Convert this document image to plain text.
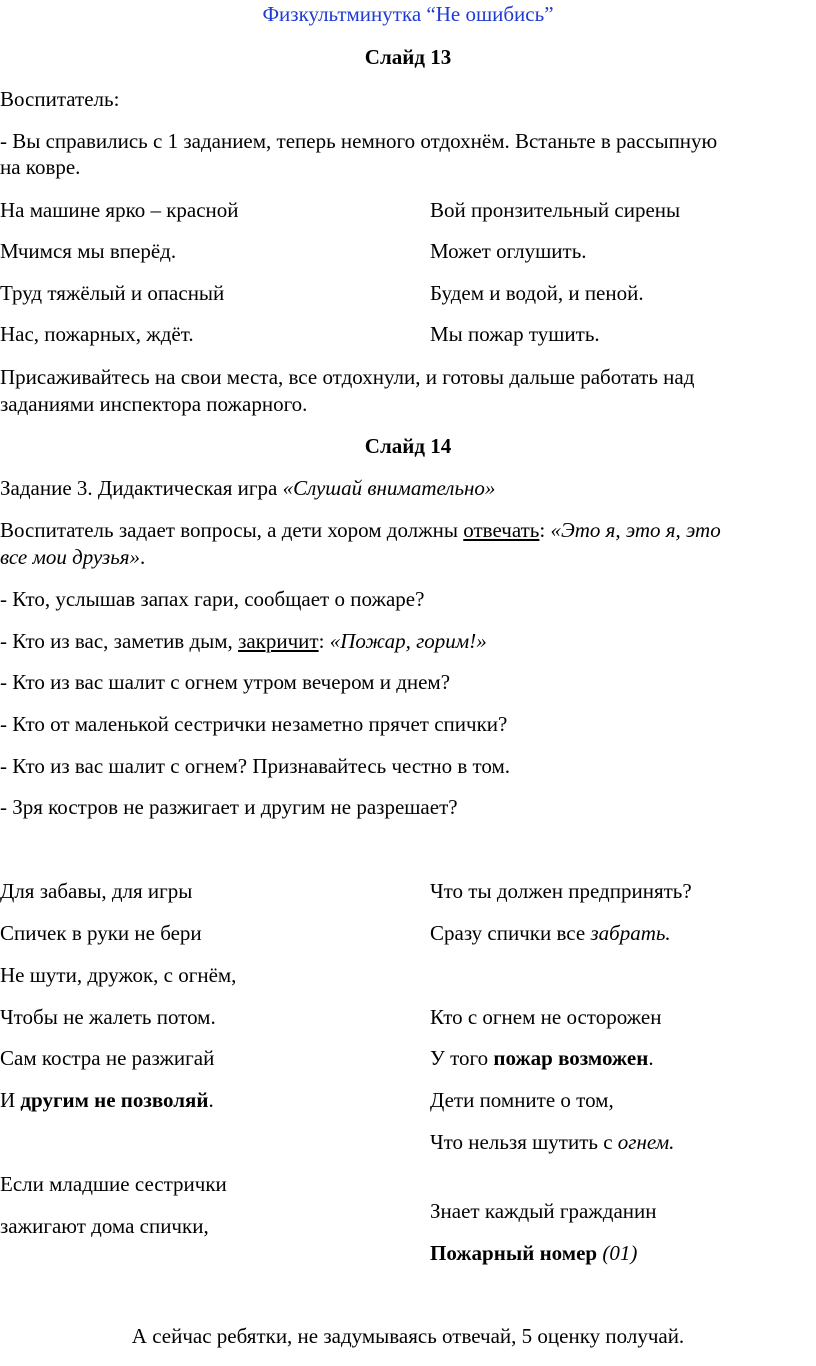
Физкультминутка “Не ошибись”
Слайд 13
Воспитатель:
- Вы справились с 1 заданием, теперь немного отдохнём. Встаньте в рассыпную
на ковре.
На машине ярко – красной
Мчимся мы вперёд.
Труд тяжёлый и опасный
Нас, пожарных, ждёт.
Вой пронзительный сирены
Может оглушить.
Будем и водой, и пеной.
Мы пожар тушить.
Присаживайтесь на свои места, все отдохнули, и готовы дальше работать над
заданиями инспектора пожарного.
Слайд 14
Задание 3. Дидактическая игра «Слушай внимательно»
Воспитатель задает вопросы, а дети хором должны отвечать: «Это я, это я, это
все мои друзья».
- Кто, услышав запах гари, сообщает о пожаре?
- Кто из вас, заметив дым, закричит: «Пожар, горим!»
- Кто из вас шалит с огнем утром вечером и днем?
- Кто от маленькой сестрички незаметно прячет спички?
- Кто из вас шалит с огнем? Признавайтесь честно в том.
- Зря костров не разжигает и другим не разрешает?
Для забавы, для игры
Спичек в руки не бери
Не шути, дружок, с огнём,
Чтобы не жалеть потом.
Сам костра не разжигай
И другим не позволяй.
Если младшие сестрички
зажигают дома спички,
Что ты должен предпринять?
Сразу спички все забрать.
Кто с огнем не осторожен
У того пожар возможен.
Дети помните о том,
Что нельзя шутить с огнем.
Знает каждый гражданин
Пожарный номер (01)
А сейчас ребятки, не задумываясь отвечай, 5 оценку получай.
